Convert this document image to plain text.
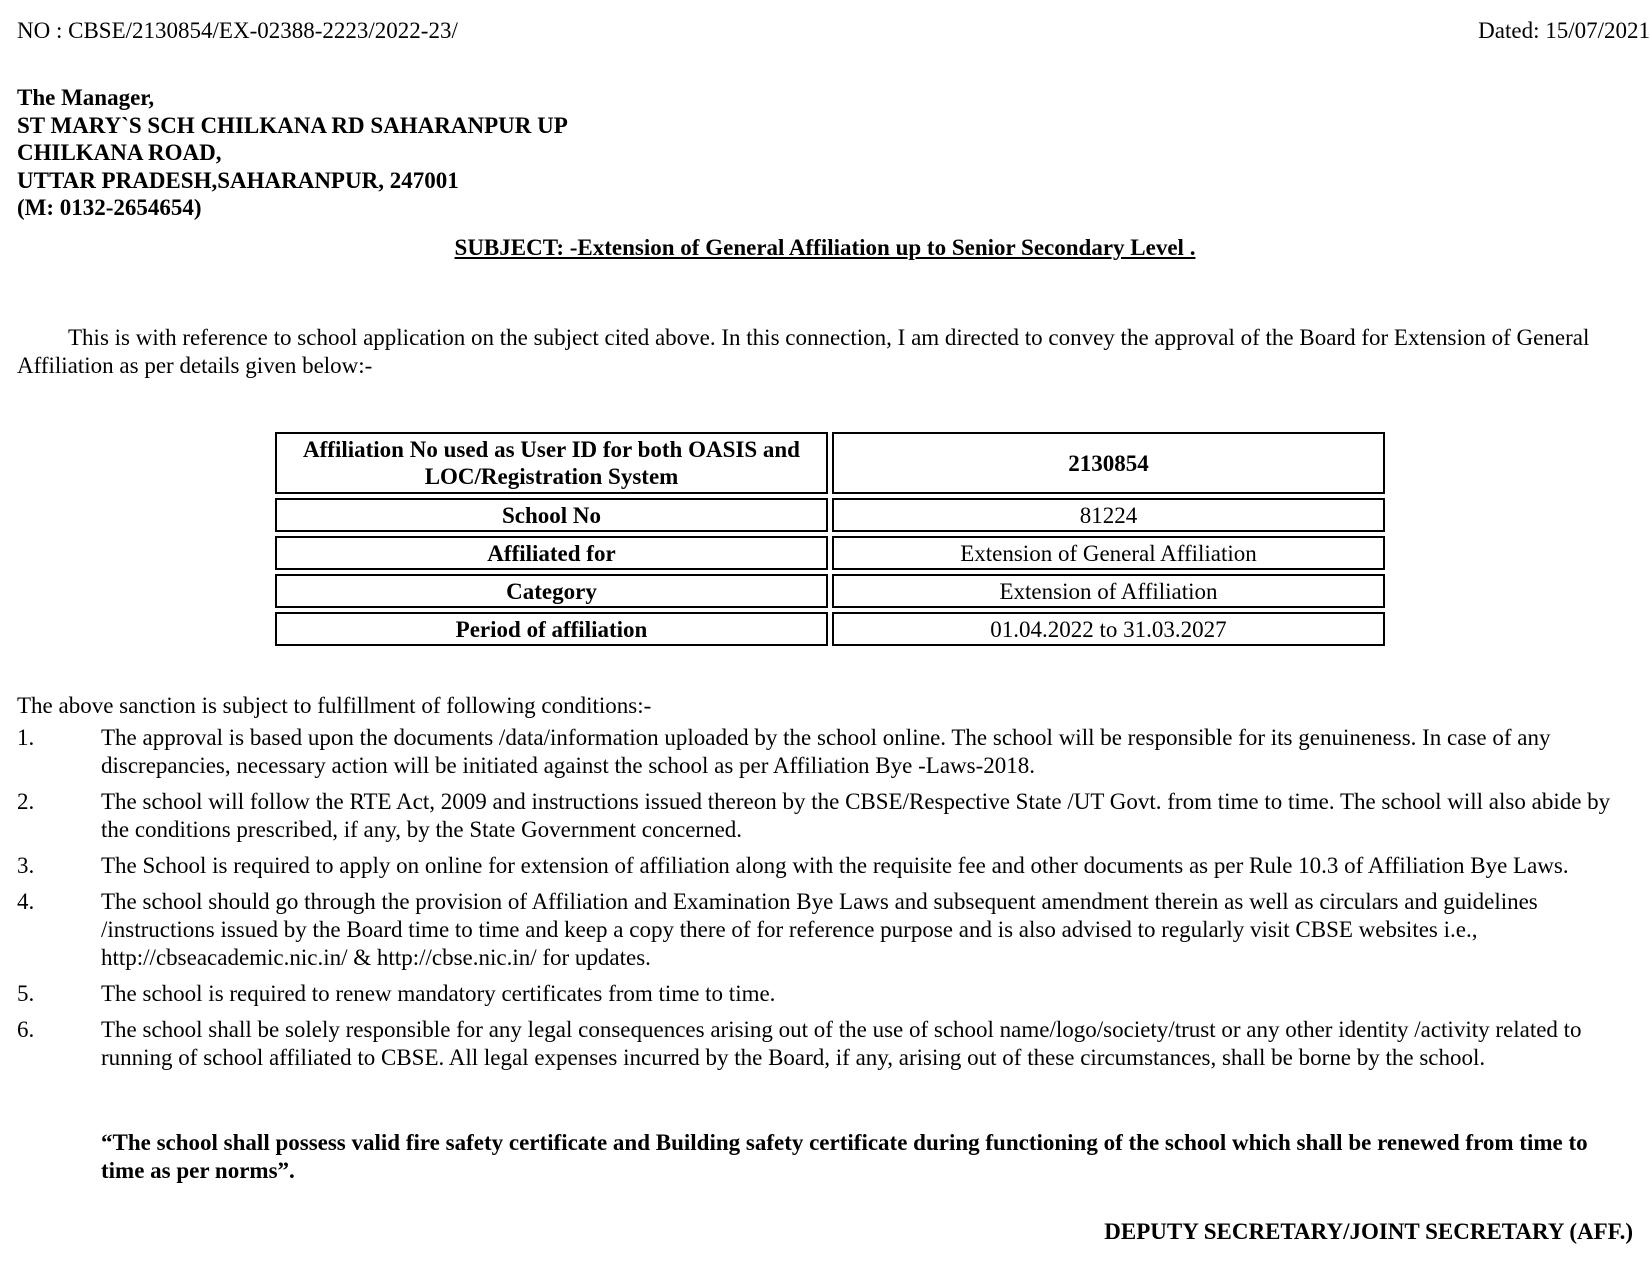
NO : CBSE/2130854/EX-02388-2223/2022-23/	Dated: 15/07/2021
The Manager,
ST MARY`S SCH CHILKANA RD SAHARANPUR UP
CHILKANA ROAD,
UTTAR PRADESH,SAHARANPUR, 247001
(M: 0132-2654654)
SUBJECT: -Extension of General Affiliation up to Senior Secondary Level .
This is with reference to school application on the subject cited above. In this connection, I am directed to convey the approval of the Board for Extension of General Affiliation as per details given below:-
Affiliation No used as User ID for both OASIS and LOC/Registration System	2130854
School No	81224
Affiliated for	Extension of General Affiliation
Category	Extension of Affiliation
Period of affiliation	01.04.2022 to 31.03.2027
The above sanction is subject to fulfillment of following conditions:-
1.	The approval is based upon the documents /data/information uploaded by the school online. The school will be responsible for its genuineness. In case of any discrepancies, necessary action will be initiated against the school as per Affiliation Bye -Laws-2018.
2.	The school will follow the RTE Act, 2009 and instructions issued thereon by the CBSE/Respective State /UT Govt. from time to time. The school will also abide by the conditions prescribed, if any, by the State Government concerned.
3.	The School is required to apply on online for extension of affiliation along with the requisite fee and other documents as per Rule 10.3 of Affiliation Bye Laws.
4.	The school should go through the provision of Affiliation and Examination Bye Laws and subsequent amendment therein as well as circulars and guidelines /instructions issued by the Board time to time and keep a copy there of for reference purpose and is also advised to regularly visit CBSE websites i.e., http://cbseacademic.nic.in/ & http://cbse.nic.in/ for updates.
5.	The school is required to renew mandatory certificates from time to time.
6.	The school shall be solely responsible for any legal consequences arising out of the use of school name/logo/society/trust or any other identity /activity related to running of school affiliated to CBSE. All legal expenses incurred by the Board, if any, arising out of these circumstances, shall be borne by the school.
“The school shall possess valid fire safety certificate and Building safety certificate during functioning of the school which shall be renewed from time to time as per norms”.
DEPUTY SECRETARY/JOINT SECRETARY (AFF.)
